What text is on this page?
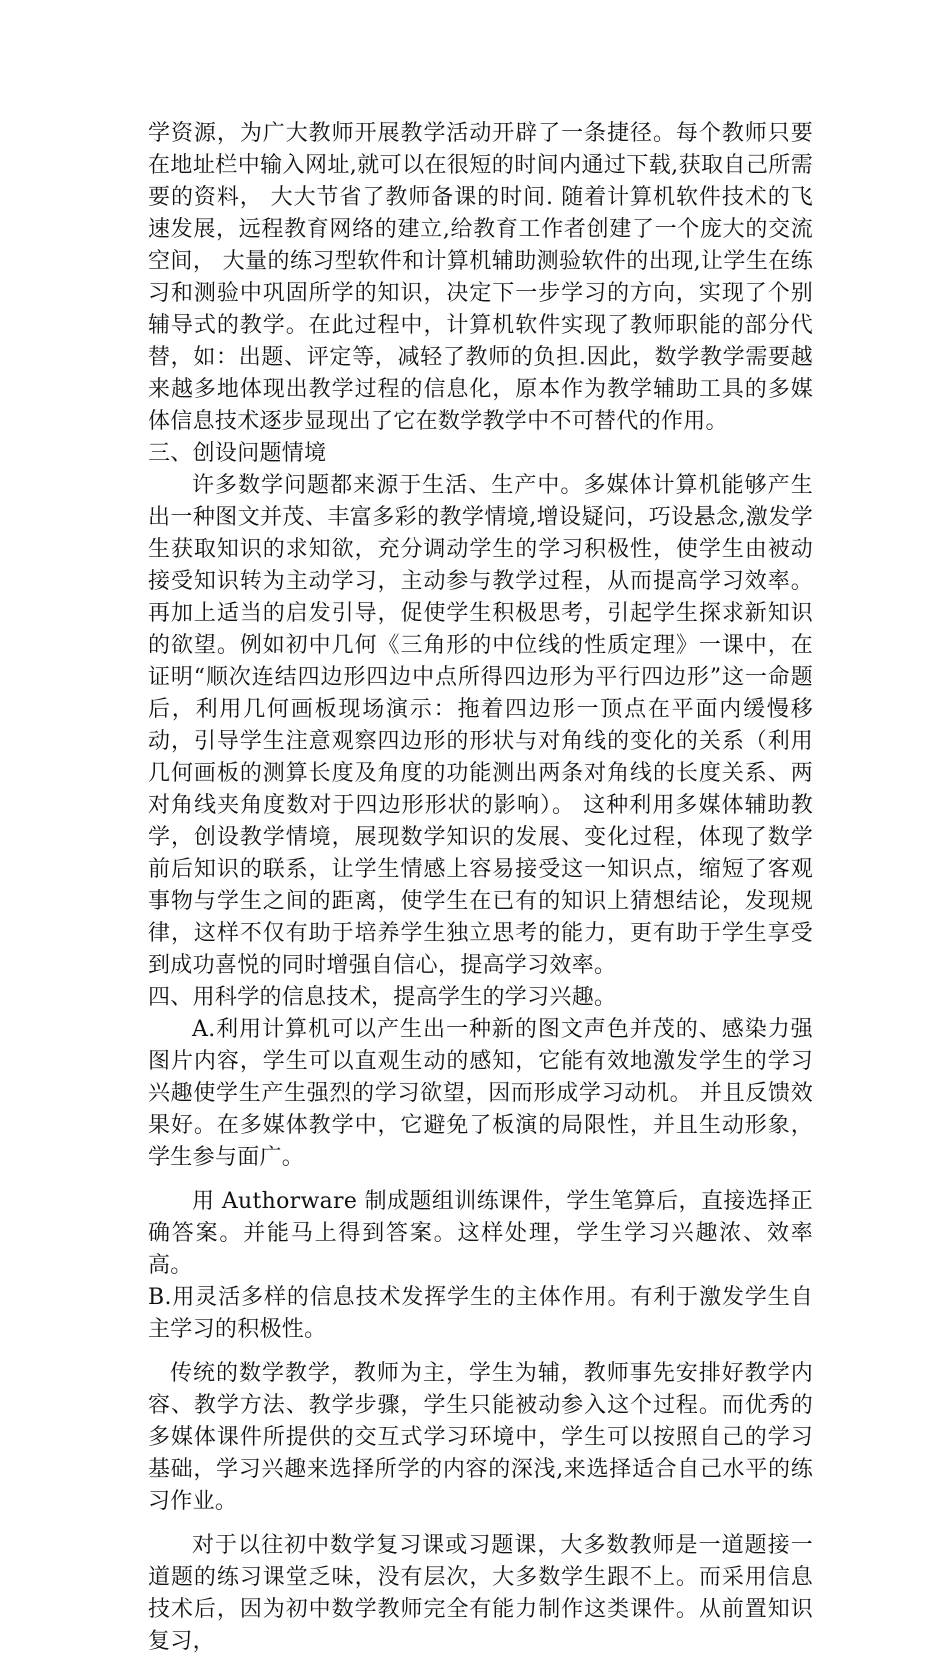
学资源，为广大教师开展教学活动开辟了一条捷径。每个教师只要在地址栏中输入网址,就可以在很短的时间内通过下载,获取自己所需要的资料， 大大节省了教师备课的时间. 随着计算机软件技术的飞速发展，远程教育网络的建立,给教育工作者创建了一个庞大的交流空间， 大量的练习型软件和计算机辅助测验软件的出现,让学生在练习和测验中巩固所学的知识，决定下一步学习的方向，实现了个别辅导式的教学。在此过程中，计算机软件实现了教师职能的部分代替，如：出题、评定等，减轻了教师的负担.因此，数学教学需要越来越多地体现出教学过程的信息化，原本作为教学辅助工具的多媒体信息技术逐步显现出了它在数学教学中不可替代的作用。

三、创设问题情境

许多数学问题都来源于生活、生产中。多媒体计算机能够产生出一种图文并茂、丰富多彩的教学情境,增设疑问，巧设悬念,激发学生获取知识的求知欲，充分调动学生的学习积极性，使学生由被动接受知识转为主动学习，主动参与教学过程，从而提高学习效率。再加上适当的启发引导，促使学生积极思考，引起学生探求新知识的欲望。例如初中几何《三角形的中位线的性质定理》一课中，在证明“顺次连结四边形四边中点所得四边形为平行四边形”这一命题后，利用几何画板现场演示：拖着四边形一顶点在平面内缓慢移动，引导学生注意观察四边形的形状与对角线的变化的关系（利用几何画板的测算长度及角度的功能测出两条对角线的长度关系、两对角线夹角度数对于四边形形状的影响）。 这种利用多媒体辅助教学，创设教学情境，展现数学知识的发展、变化过程，体现了数学前后知识的联系，让学生情感上容易接受这一知识点，缩短了客观事物与学生之间的距离，使学生在已有的知识上猜想结论，发现规律，这样不仅有助于培养学生独立思考的能力，更有助于学生享受到成功喜悦的同时增强自信心，提高学习效率。

四、用科学的信息技术，提高学生的学习兴趣。

A.利用计算机可以产生出一种新的图文声色并茂的、感染力强图片内容，学生可以直观生动的感知，它能有效地激发学生的学习兴趣使学生产生强烈的学习欲望，因而形成学习动机。 并且反馈效果好。在多媒体教学中，它避免了板演的局限性，并且生动形象，学生参与面广。

用 Authorware 制成题组训练课件，学生笔算后，直接选择正确答案。并能马上得到答案。这样处理，学生学习兴趣浓、效率高。

B.用灵活多样的信息技术发挥学生的主体作用。有利于激发学生自主学习的积极性。

传统的数学教学，教师为主，学生为辅，教师事先安排好教学内容、教学方法、教学步骤，学生只能被动参入这个过程。而优秀的多媒体课件所提供的交互式学习环境中，学生可以按照自己的学习基础，学习兴趣来选择所学的内容的深浅,来选择适合自己水平的练习作业。

对于以往初中数学复习课或习题课，大多数教师是一道题接一道题的练习课堂乏味，没有层次，大多数学生跟不上。而采用信息技术后，因为初中数学教师完全有能力制作这类课件。从前置知识复习，
